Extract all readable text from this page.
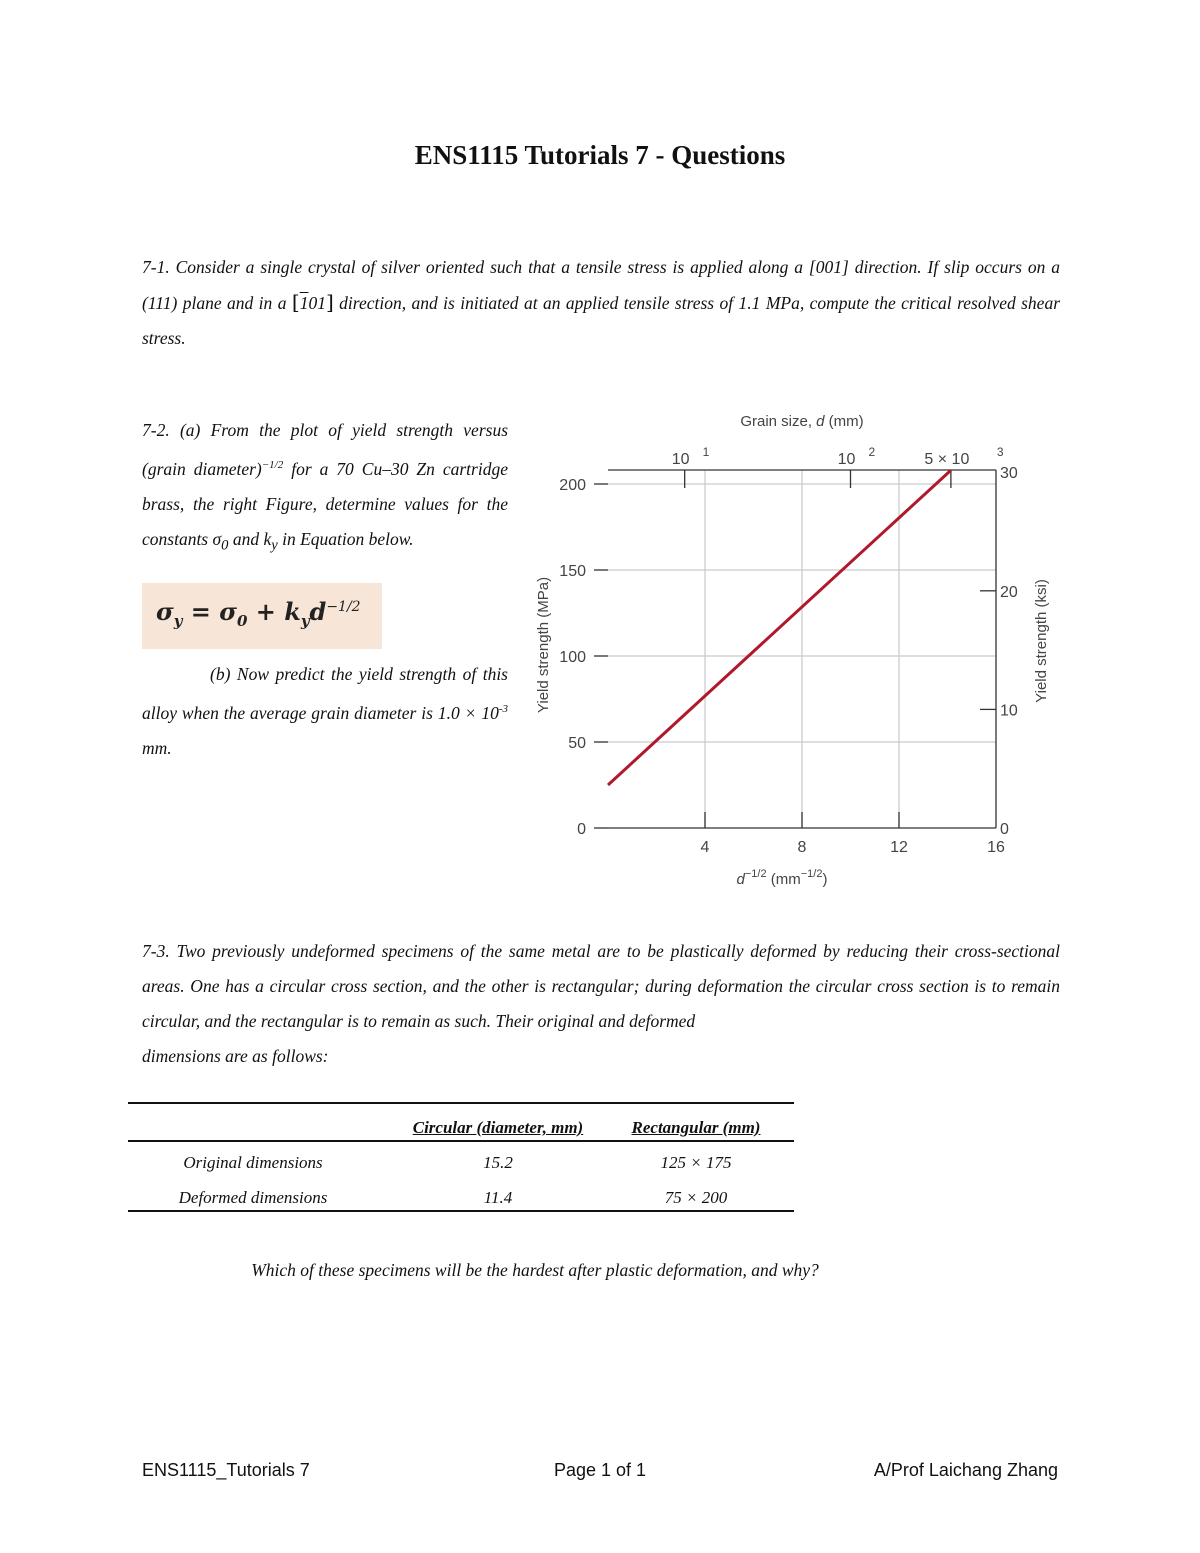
ENS1115 Tutorials 7 - Questions
7-1. Consider a single crystal of silver oriented such that a tensile stress is applied along a [001] direction. If slip occurs on a (111) plane and in a [101] direction, and is initiated at an applied tensile stress of 1.1 MPa, compute the critical resolved shear stress.
7-2. (a) From the plot of yield strength versus (grain diameter)$^{-1/2}$ for a 70 Cu–30 Zn cartridge brass, the right Figure, determine values for the constants $\sigma_0$ and $k_y$ in Equation below.
$\sigma_y = \sigma_0 + k_yd^{-1/2}$
(b) Now predict the yield strength of this alloy when the average grain diameter is $1.0 \times 10^{-3}$ mm.
0
50
100
150
200
4	8	12	16
0
10
20
30
10 1	10 2	5 × 10 3
Grain size, d (mm)
$d^{-1/2}$ $(mm^{-1/2})$
Yield strength (MPa)	Yield strength (ksi)
7-3. Two previously undeformed specimens of the same metal are to be plastically deformed by reducing their cross-sectional areas. One has a circular cross section, and the other is rectangular; during deformation the circular cross section is to remain circular, and the rectangular is to remain as such. Their original and deformed
dimensions are as follows:
Circular (diameter, mm)	Rectangular (mm)
Original dimensions	15.2	125 × 175
Deformed dimensions	11.4	75 × 200
Which of these specimens will be the hardest after plastic deformation, and why?
ENS1115_Tutorials 7	Page 1 of 1	A/Prof Laichang Zhang
